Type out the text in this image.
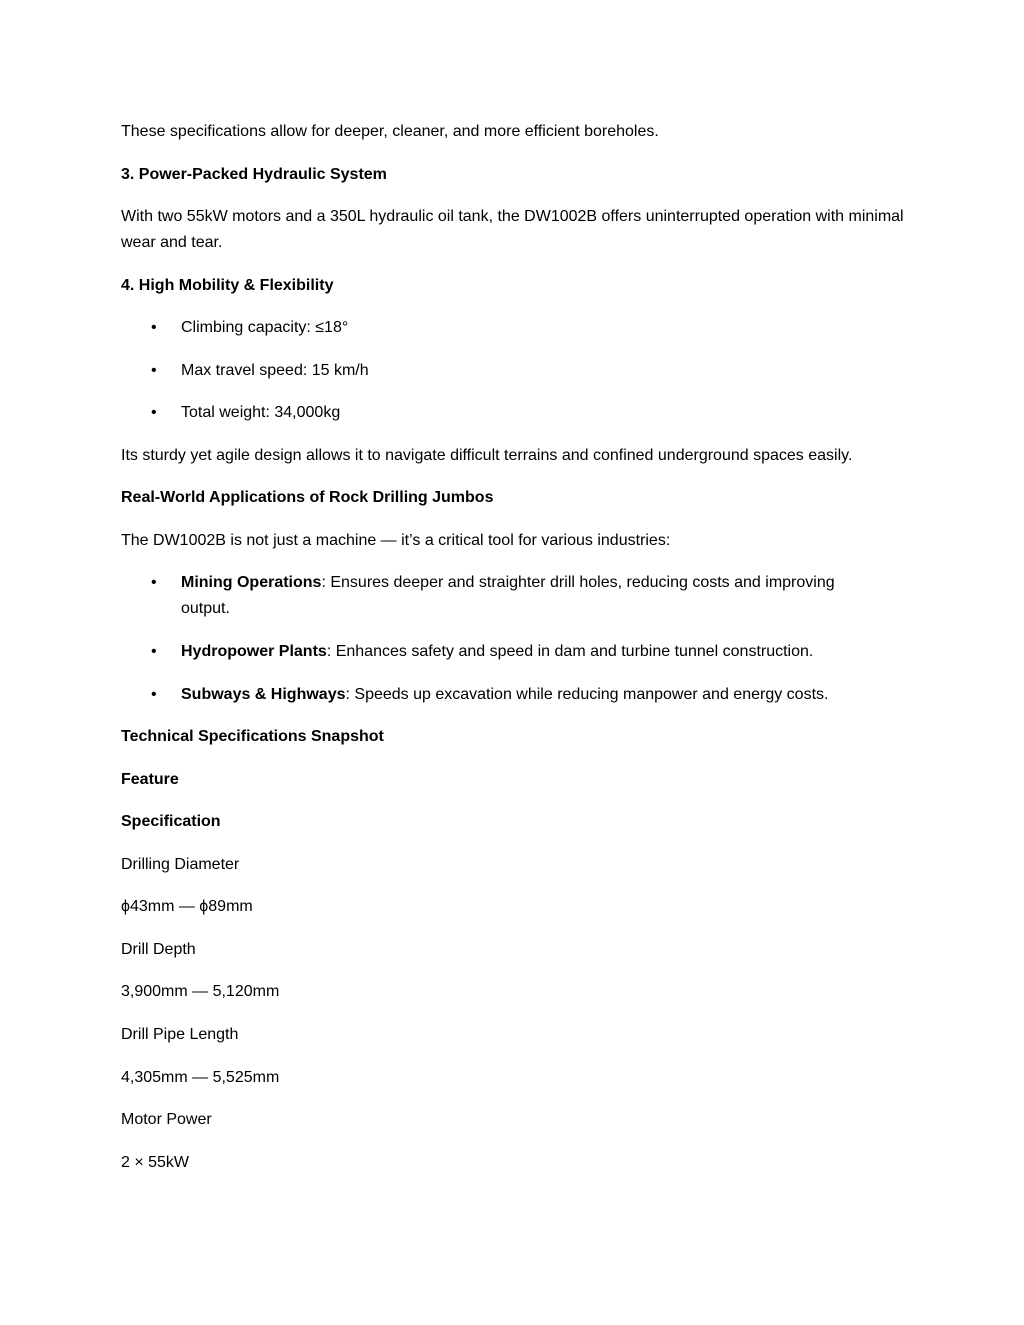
These specifications allow for deeper, cleaner, and more efficient boreholes.
3. Power-Packed Hydraulic System
With two 55kW motors and a 350L hydraulic oil tank, the DW1002B offers uninterrupted operation with minimal wear and tear.
4. High Mobility & Flexibility
• Climbing capacity: ≤18°
• Max travel speed: 15 km/h
• Total weight: 34,000kg
Its sturdy yet agile design allows it to navigate difficult terrains and confined underground spaces easily.
Real-World Applications of Rock Drilling Jumbos
The DW1002B is not just a machine — it’s a critical tool for various industries:
• Mining Operations: Ensures deeper and straighter drill holes, reducing costs and improving output.
• Hydropower Plants: Enhances safety and speed in dam and turbine tunnel construction.
• Subways & Highways: Speeds up excavation while reducing manpower and energy costs.
Technical Specifications Snapshot
Feature
Specification
Drilling Diameter
ϕ43mm — ϕ89mm
Drill Depth
3,900mm — 5,120mm
Drill Pipe Length
4,305mm — 5,525mm
Motor Power
2 × 55kW
